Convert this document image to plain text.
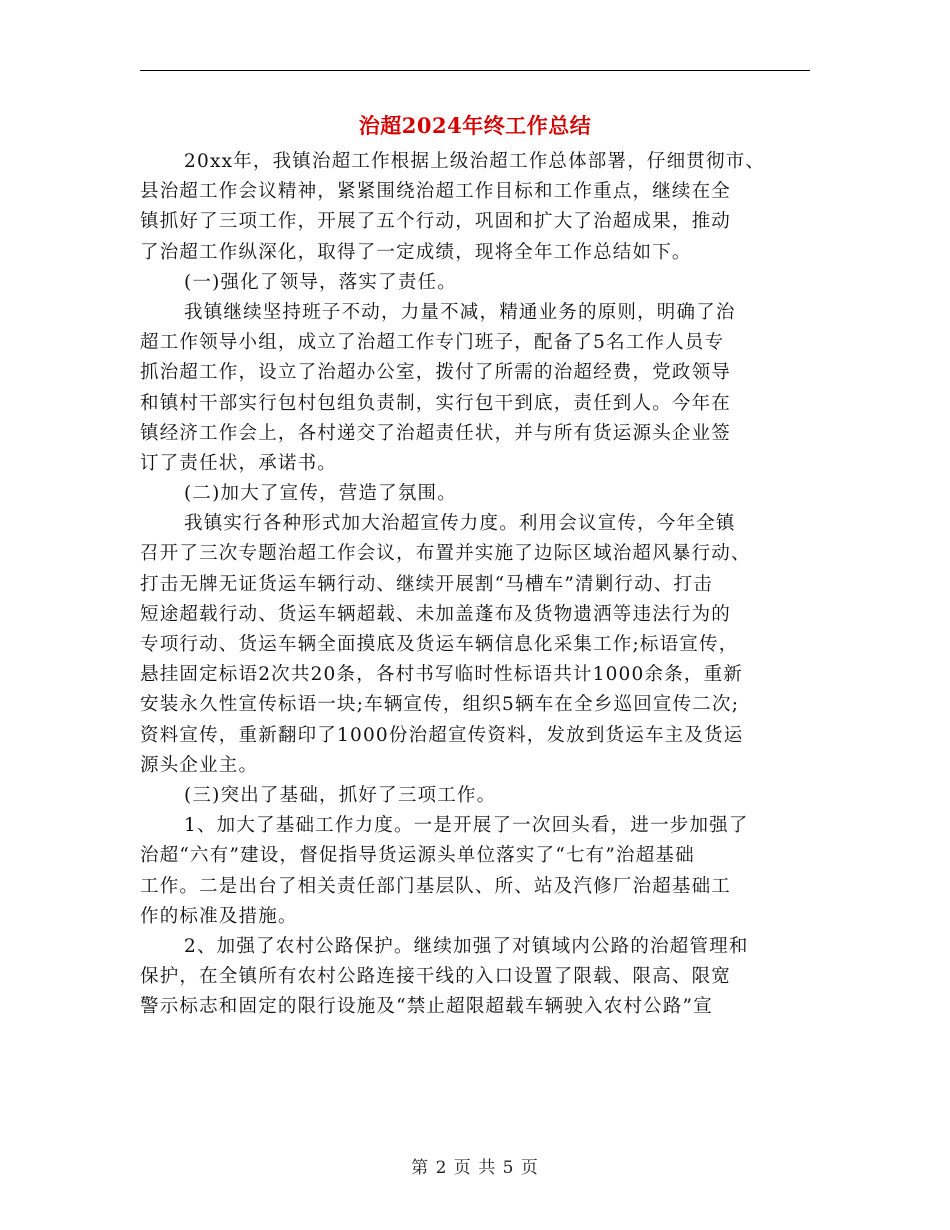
治超2024年终工作总结
20xx年，我镇治超工作根据上级治超工作总体部署，仔细贯彻市、
县治超工作会议精神，紧紧围绕治超工作目标和工作重点，继续在全
镇抓好了三项工作，开展了五个行动，巩固和扩大了治超成果，推动
了治超工作纵深化，取得了一定成绩，现将全年工作总结如下。
(一)强化了领导，落实了责任。
我镇继续坚持班子不动，力量不减，精通业务的原则，明确了治
超工作领导小组，成立了治超工作专门班子，配备了5名工作人员专
抓治超工作，设立了治超办公室，拨付了所需的治超经费，党政领导
和镇村干部实行包村包组负责制，实行包干到底，责任到人。今年在
镇经济工作会上，各村递交了治超责任状，并与所有货运源头企业签
订了责任状，承诺书。
(二)加大了宣传，营造了氛围。
我镇实行各种形式加大治超宣传力度。利用会议宣传，今年全镇
召开了三次专题治超工作会议，布置并实施了边际区域治超风暴行动、
打击无牌无证货运车辆行动、继续开展割“马槽车”清剿行动、打击
短途超载行动、货运车辆超载、未加盖蓬布及货物遗洒等违法行为的
专项行动、货运车辆全面摸底及货运车辆信息化采集工作;标语宣传，
悬挂固定标语2次共20条，各村书写临时性标语共计1000余条，重新
安装永久性宣传标语一块;车辆宣传，组织5辆车在全乡巡回宣传二次;
资料宣传，重新翻印了1000份治超宣传资料，发放到货运车主及货运
源头企业主。
(三)突出了基础，抓好了三项工作。
1、加大了基础工作力度。一是开展了一次回头看，进一步加强了
治超“六有”建设，督促指导货运源头单位落实了“七有”治超基础
工作。二是出台了相关责任部门基层队、所、站及汽修厂治超基础工
作的标准及措施。
2、加强了农村公路保护。继续加强了对镇域内公路的治超管理和
保护，在全镇所有农村公路连接干线的入口设置了限载、限高、限宽
警示标志和固定的限行设施及“禁止超限超载车辆驶入农村公路”宣
第 2 页 共 5 页
